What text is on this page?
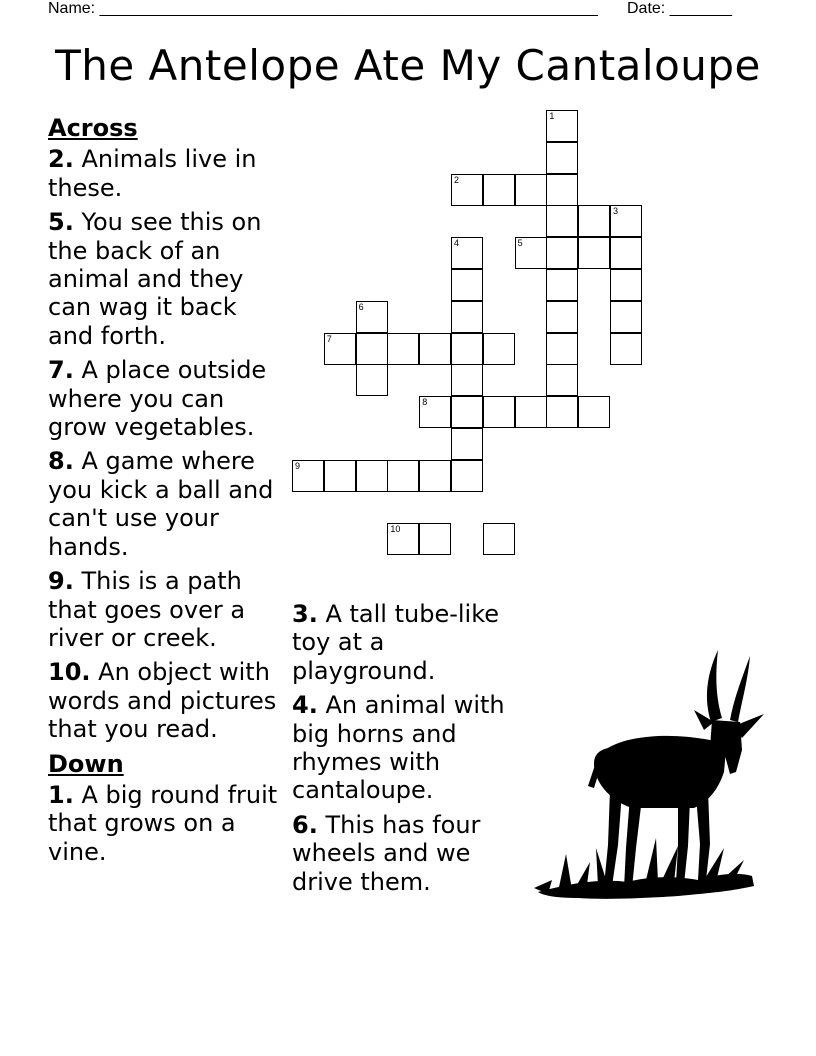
Name: ________________________________________________________ Date: _______
The Antelope Ate My Cantaloupe
Across
2. Animals live in these.
5. You see this on the back of an animal and they can wag it back and forth.
7. A place outside where you can grow vegetables.
8. A game where you kick a ball and can't use your hands.
9. This is a path that goes over a river or creek.
10. An object with words and pictures that you read.
Down
1. A big round fruit that grows on a vine.
3. A tall tube-like toy at a playground.
4. An animal with big horns and rhymes with cantaloupe.
6. This has four wheels and we drive them.
1
2
5
3
4
6
7
8
9
10
